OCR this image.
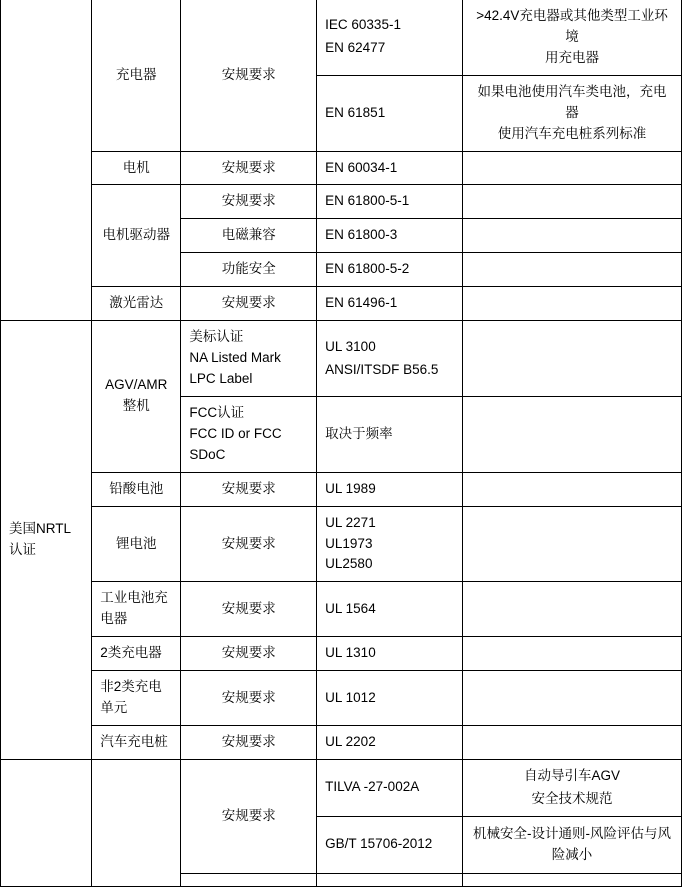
	充电器	安规要求	IEC 60335-1
EN 62477	>42.4V充电器或其他类型工业环境
用充电器

			EN 61851	如果电池使用汽车类电池，充电器
使用汽车充电桩系列标准

	电机	安规要求	EN 60034-1	
	电机驱动器	安规要求	EN 61800-5-1	
		电磁兼容	EN 61800-3	
		功能安全	EN 61800-5-2	
	激光雷达	安规要求	EN 61496-1	
美国NRTL认证	AGV/AMR整机	美标认证
NA Listed Mark
LPC Label	UL 3100
ANSI/ITSDF B56.5	

		FCC认证
FCC ID or FCC SDoC	取决于频率	
	铅酸电池	安规要求	UL 1989	
	锂电池	安规要求	UL 2271
UL1973
UL2580	

	工业电池充电器	安规要求	UL 1564	
	2类充电器	安规要求	UL 1310	
	非2类充电单元	安规要求	UL 1012	
	汽车充电桩	安规要求	UL 2202	
		安规要求	TILVA -27-002A	自动导引车AGV
安全技术规范

			GB/T 15706-2012	机械安全-设计通则-风险评估与风
险减小
